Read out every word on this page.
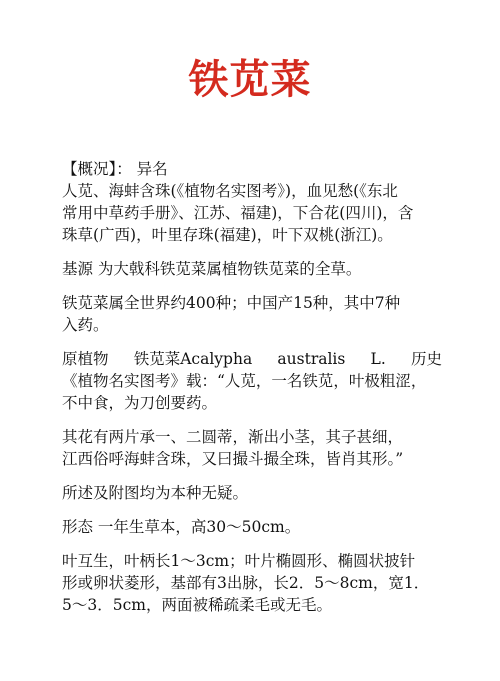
铁苋菜
【概况】： 异名
人苋、海蚌含珠(《植物名实图考》)，血见愁(《东北
常用中草药手册》、江苏、福建)，下合花(四川)，含
珠草(广西)，叶里存珠(福建)，叶下双桃(浙江)。
基源 为大戟科铁苋菜属植物铁苋菜的全草。
铁苋菜属全世界约400种；中国产15种，其中7种
入药。
原植物 铁苋菜Acalypha australis L. 历史
《植物名实图考》载：“人苋，一名铁苋，叶极粗涩，
不中食，为刀创要药。
其花有两片承一、二圆蒂，渐出小茎，其子甚细，
江西俗呼海蚌含珠，又曰撮斗撮全珠，皆肖其形。”
所述及附图均为本种无疑。
形态 一年生草本，高30～50cm。
叶互生，叶柄长1～3cm；叶片椭圆形、椭圆状披针
形或卵状菱形，基部有3出脉，长2．5～8cm，宽1．
5～3．5cm，两面被稀疏柔毛或无毛。
